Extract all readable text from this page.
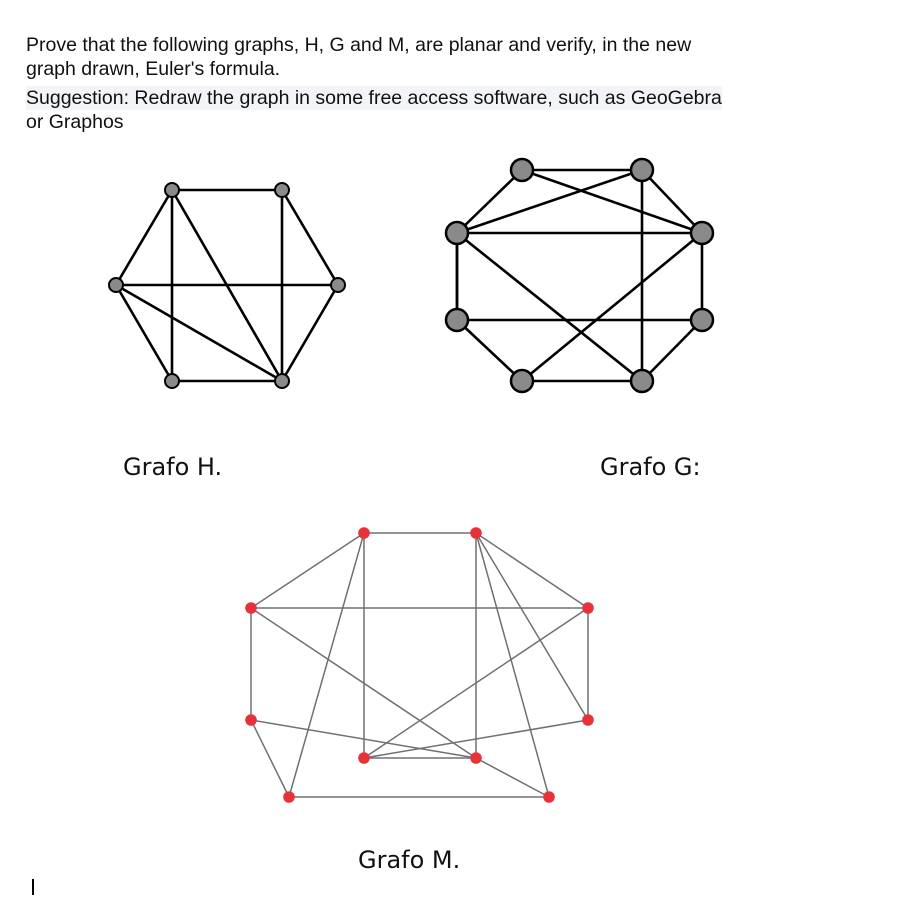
Prove that the following graphs, H, G and M, are planar and verify, in the new
graph drawn, Euler's formula.
Suggestion: Redraw the graph in some free access software, such as GeoGebra
or Graphos
Grafo H.	Grafo G:
Grafo M.
